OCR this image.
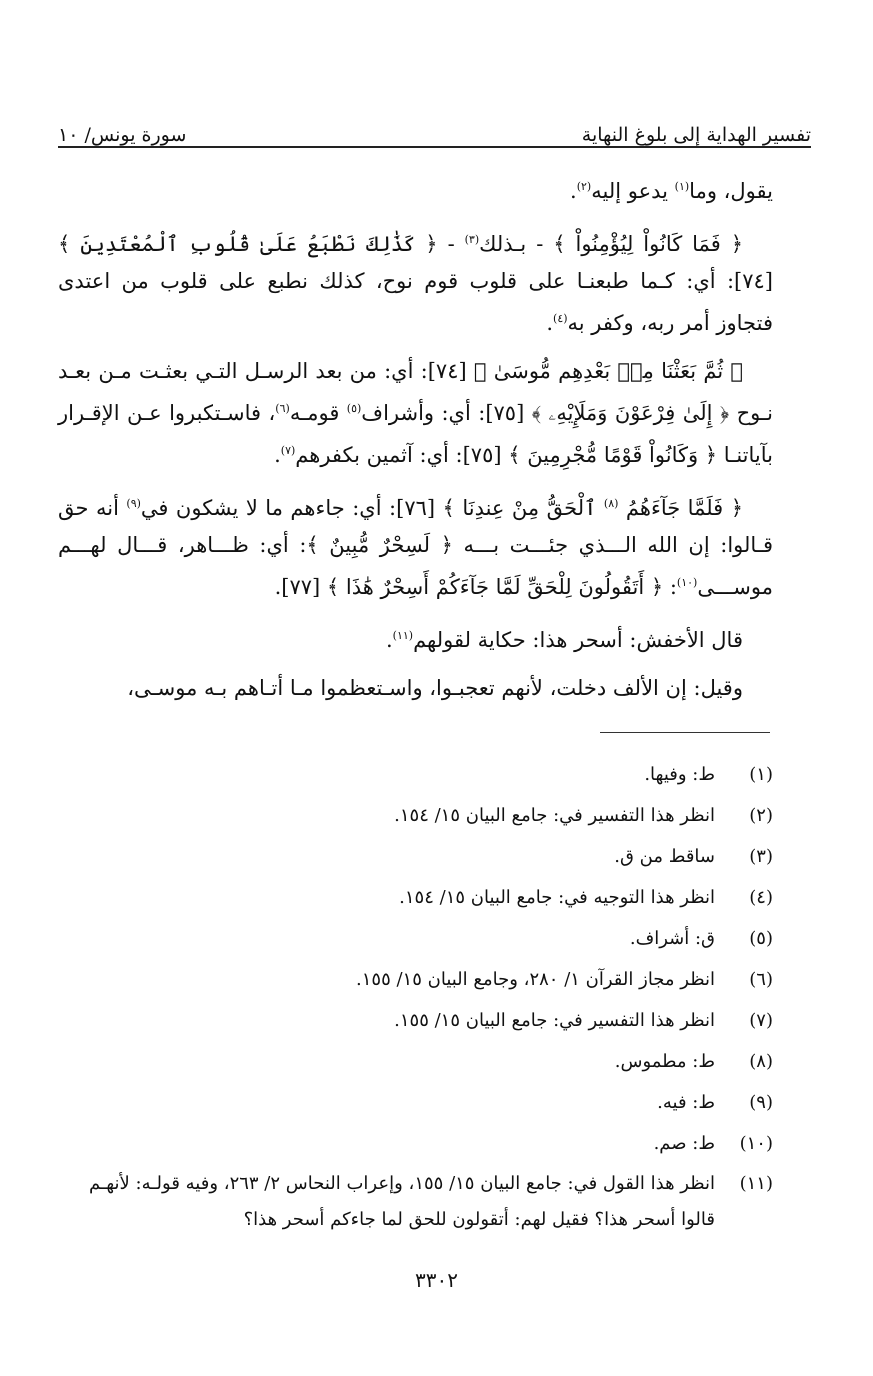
تفسير الهداية إلى بلوغ النهاية
سورة يونس/ ١٠

يقول، وما$^{(١)}$ يدعو إليه$^{(٢)}$.

﴿ فَمَا كَانُواْ لِيُؤْمِنُواْ ﴾ - بـذلك$^{(٣)}$ - ﴿ كَذَٰلِكَ نَطْبَعُ عَلَىٰ قُلُوبِ ٱلْمُعْتَدِينَ ﴾ [٧٤]: أي: كـما طبعنـا على قلوب قوم نوح، كذلك نطبع على قلوب من اعتدى فتجاوز أمر ربه، وكفر به$^{(٤)}$.

﴿ ثُمَّ بَعَثْنَا مِنۢ بَعْدِهِم مُّوسَىٰ ﴾ [٧٤]: أي: من بعد الرسـل التـي بعثـت مـن بعـد نـوح ﴿ إِلَىٰ فِرْعَوْنَ وَمَلَإِيْهِۦ ﴾ [٧٥]: أي: وأشراف$^{(٥)}$ قومـه$^{(٦)}$، فاسـتكبروا عـن الإقـرار بآياتنـا ﴿ وَكَانُواْ قَوْمًا مُّجْرِمِينَ ﴾ [٧٥]: أي: آثمين بكفرهم$^{(٧)}$.

﴿ فَلَمَّا جَآءَهُمُ $^{(٨)}$ ٱلْحَقُّ مِنْ عِندِنَا ﴾ [٧٦]: أي: جاءهم ما لا يشكون في$^{(٩)}$ أنه حق قـالوا: إن الله الـــذي جئـــت بـــه ﴿ لَسِحْرٌ مُّبِينٌ ﴾: أي: ظـــاهر، قـــال لهـــم موســـى$^{(١٠)}$: ﴿ أَتَقُولُونَ لِلْحَقِّ لَمَّا جَآءَكُمْ أَسِحْرٌ هَٰذَا ﴾ [٧٧].

قال الأخفش: أسحر هذا: حكاية لقولهم$^{(١١)}$.

وقيل: إن الألف دخلت، لأنهم تعجبـوا، واسـتعظموا مـا أتـاهم بـه موسـى،

(١)
ط: وفيها.
(٢)
انظر هذا التفسير في: جامع البيان ١٥/ ١٥٤.
(٣)
ساقط من ق.
(٤)
انظر هذا التوجيه في: جامع البيان ١٥/ ١٥٤.
(٥)
ق: أشراف.
(٦)
انظر مجاز القرآن ١/ ٢٨٠، وجامع البيان ١٥/ ١٥٥.
(٧)
انظر هذا التفسير في: جامع البيان ١٥/ ١٥٥.
(٨)
ط: مطموس.
(٩)
ط: فيه.
(١٠)
ط: صم.
(١١)
انظر هذا القول في: جامع البيان ١٥/ ١٥٥، وإعراب النحاس ٢/ ٢٦٣، وفيه قولـه: لأنهـم قالوا أسحر هذا؟ فقيل لهم: أتقولون للحق لما جاءكم أسحر هذا؟
٣٣٠٢
